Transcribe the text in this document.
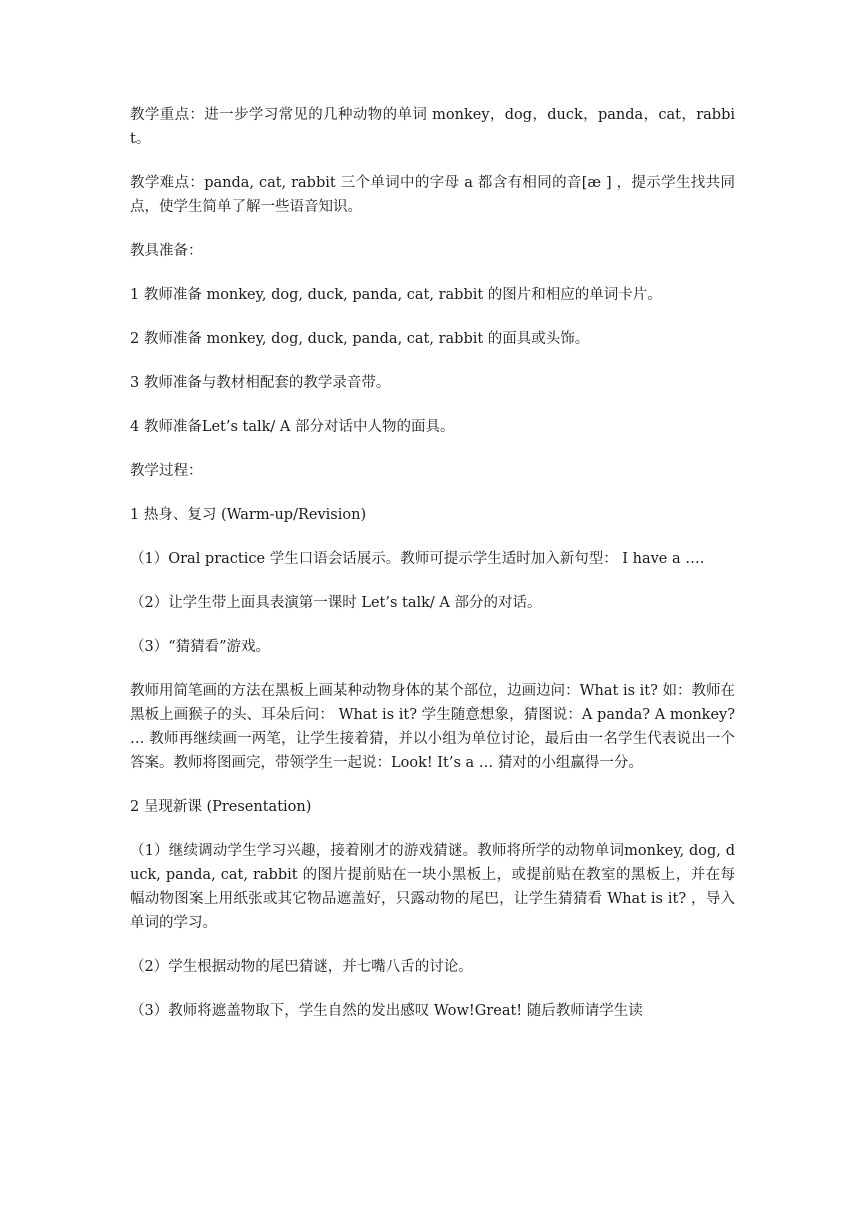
教学重点：进一步学习常见的几种动物的单词 monkey，dog，duck，panda，cat，rabbit。

教学难点：panda, cat, rabbit 三个单词中的字母 a 都含有相同的音[æ ] ，提示学生找共同点，使学生简单了解一些语音知识。

教具准备：

1 教师准备 monkey, dog, duck, panda, cat, rabbit 的图片和相应的单词卡片。

2 教师准备 monkey, dog, duck, panda, cat, rabbit 的面具或头饰。

3 教师准备与教材相配套的教学录音带。

4 教师准备Let’s talk/ A 部分对话中人物的面具。

教学过程：

1 热身、复习 (Warm-up/Revision)

（1）Oral practice 学生口语会话展示。教师可提示学生适时加入新句型： I have a ….

（2）让学生带上面具表演第一课时 Let’s talk/ A 部分的对话。

（3）“猜猜看”游戏。

教师用简笔画的方法在黑板上画某种动物身体的某个部位，边画边问：What is it? 如：教师在黑板上画猴子的头、耳朵后问： What is it? 学生随意想象，猜图说：A panda? A monkey? … 教师再继续画一两笔，让学生接着猜，并以小组为单位讨论，最后由一名学生代表说出一个答案。教师将图画完，带领学生一起说：Look! It’s a … 猜对的小组赢得一分。

2 呈现新课 (Presentation)

（1）继续调动学生学习兴趣，接着刚才的游戏猜谜。教师将所学的动物单词monkey, dog, duck, panda, cat, rabbit 的图片提前贴在一块小黑板上，或提前贴在教室的黑板上，并在每幅动物图案上用纸张或其它物品遮盖好，只露动物的尾巴，让学生猜猜看 What is it? ，导入 单词的学习。

（2）学生根据动物的尾巴猜谜，并七嘴八舌的讨论。

（3）教师将遮盖物取下，学生自然的发出感叹 Wow!Great! 随后教师请学生读
